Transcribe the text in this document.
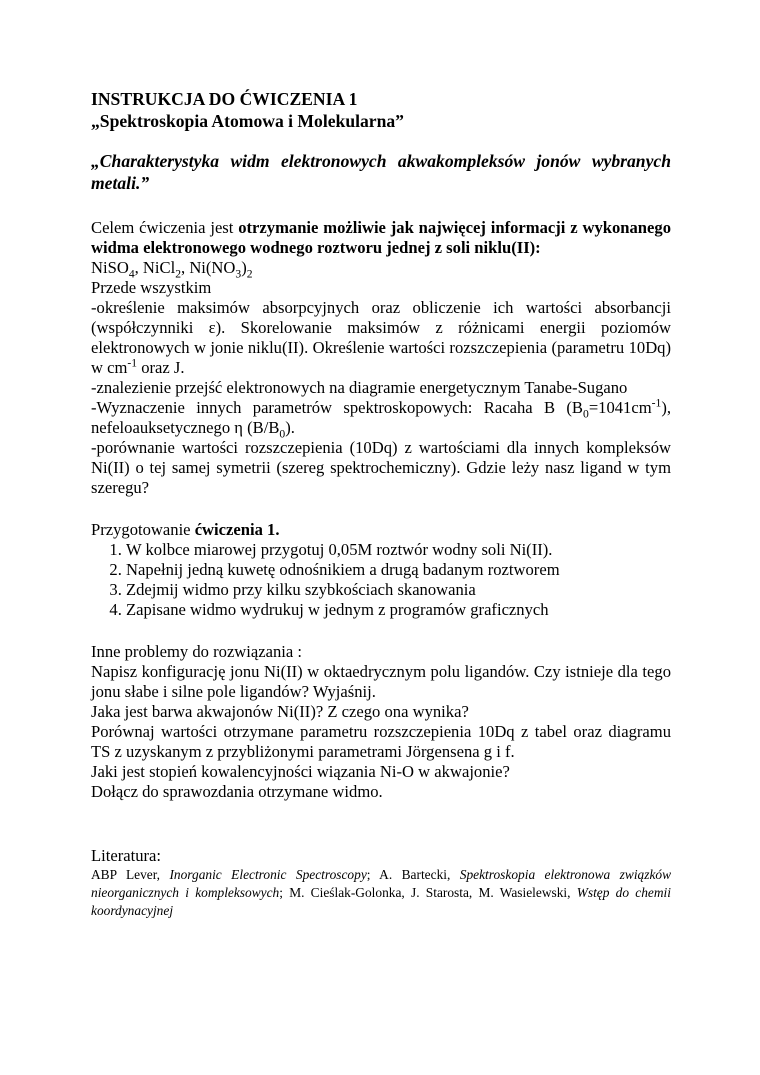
INSTRUKCJA DO ĆWICZENIA 1

„Spektroskopia Atomowa i Molekularna”

„Charakterystyka widm elektronowych akwakompleksów jonów wybranych metali.”

Celem ćwiczenia jest otrzymanie możliwie jak najwięcej informacji z wykonanego widma elektronowego wodnego roztworu jednej z soli niklu(II):

NiSO$_4$, NiCl$_2$, $Ni(NO_3)_2$

Przede wszystkim

-określenie maksimów absorpcyjnych oraz obliczenie ich wartości absorbancji (współczynniki ε). Skorelowanie maksimów z różnicami energii poziomów elektronowych w jonie niklu(II). Określenie wartości rozszczepienia (parametru 10Dq) w $cm^{-1}$ oraz J.

-znalezienie przejść elektronowych na diagramie energetycznym Tanabe-Sugano

-Wyznaczenie innych parametrów spektroskopowych: Racaha B $(B_0=1041cm^{-1})$, nefeloauksetycznego η $(B/B_0)$.

-porównanie wartości rozszczepienia (10Dq) z wartościami dla innych kompleksów Ni(II) o tej samej symetrii (szereg spektrochemiczny). Gdzie leży nasz ligand w tym szeregu?

Przygotowanie ćwiczenia 1.

1. W kolbce miarowej przygotuj 0,05M roztwór wodny soli Ni(II).
2. Napełnij jedną kuwetę odnośnikiem a drugą badanym roztworem
3. Zdejmij widmo przy kilku szybkościach skanowania
4. Zapisane widmo wydrukuj w jednym z programów graficznych

Inne problemy do rozwiązania :

Napisz konfigurację jonu Ni(II) w oktaedrycznym polu ligandów. Czy istnieje dla tego jonu słabe i silne pole ligandów? Wyjaśnij.

Jaka jest barwa akwajonów Ni(II)? Z czego ona wynika?

Porównaj wartości otrzymane parametru rozszczepienia 10Dq z tabel oraz diagramu TS z uzyskanym z przybliżonymi parametrami Jörgensena g i f.

Jaki jest stopień kowalencyjności wiązania Ni-O w akwajonie?

Dołącz do sprawozdania otrzymane widmo.

Literatura:

ABP Lever, Inorganic Electronic Spectroscopy; A. Bartecki, Spektroskopia elektronowa związków nieorganicznych i kompleksowych; M. Cieślak-Golonka, J. Starosta, M. Wasielewski, Wstęp do chemii koordynacyjnej
